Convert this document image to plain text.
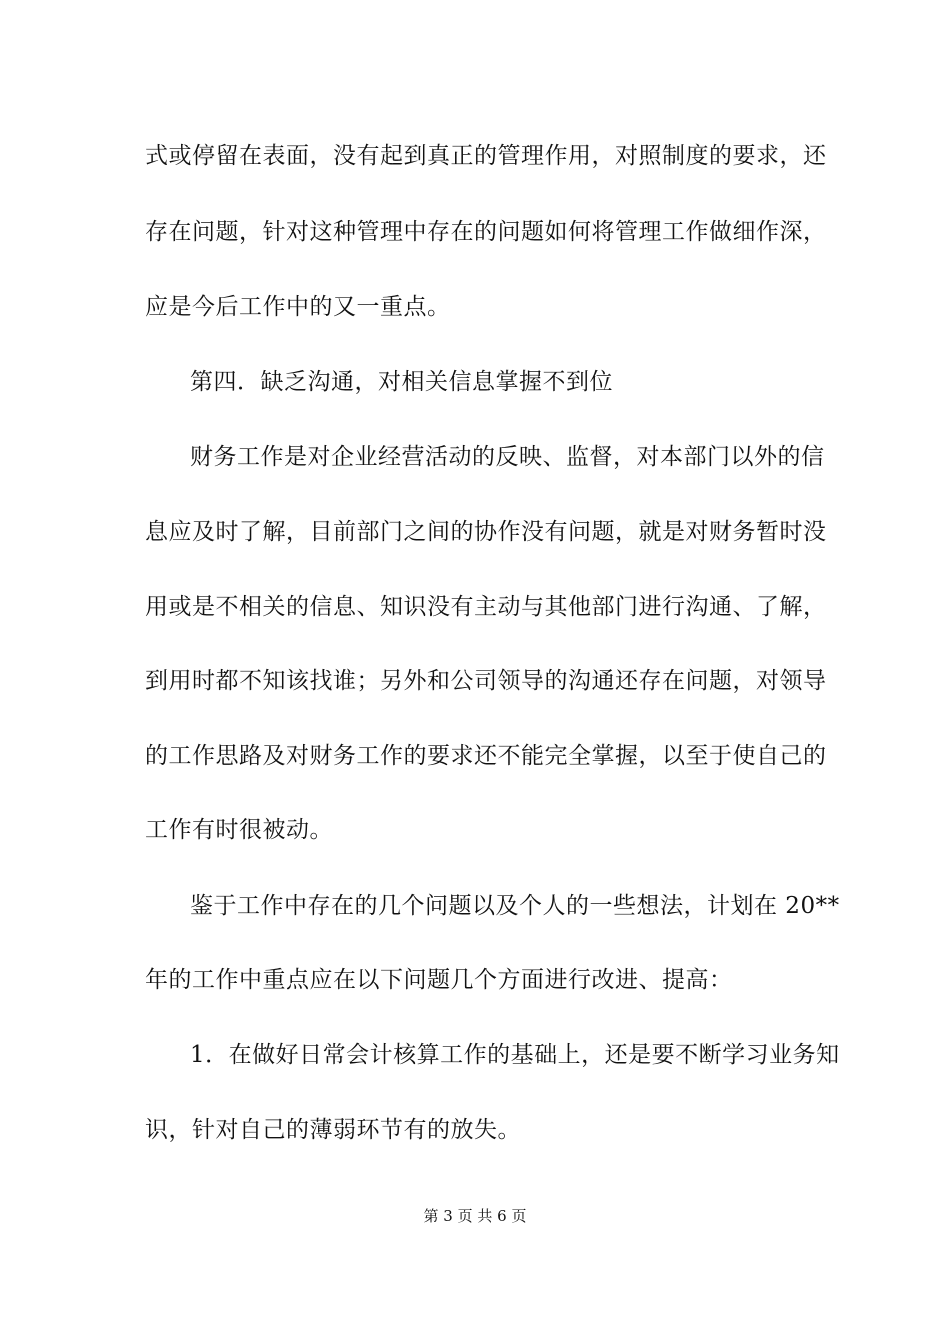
式或停留在表面，没有起到真正的管理作用，对照制度的要求，还
存在问题，针对这种管理中存在的问题如何将管理工作做细作深，
应是今后工作中的又一重点。
第四．缺乏沟通，对相关信息掌握不到位
财务工作是对企业经营活动的反映、监督，对本部门以外的信
息应及时了解，目前部门之间的协作没有问题，就是对财务暂时没
用或是不相关的信息、知识没有主动与其他部门进行沟通、了解，
到用时都不知该找谁；另外和公司领导的沟通还存在问题，对领导
的工作思路及对财务工作的要求还不能完全掌握，以至于使自己的
工作有时很被动。
鉴于工作中存在的几个问题以及个人的一些想法，计划在 20**
年的工作中重点应在以下问题几个方面进行改进、提高：
1．在做好日常会计核算工作的基础上，还是要不断学习业务知
识，针对自己的薄弱环节有的放失。
第 3 页 共 6 页
